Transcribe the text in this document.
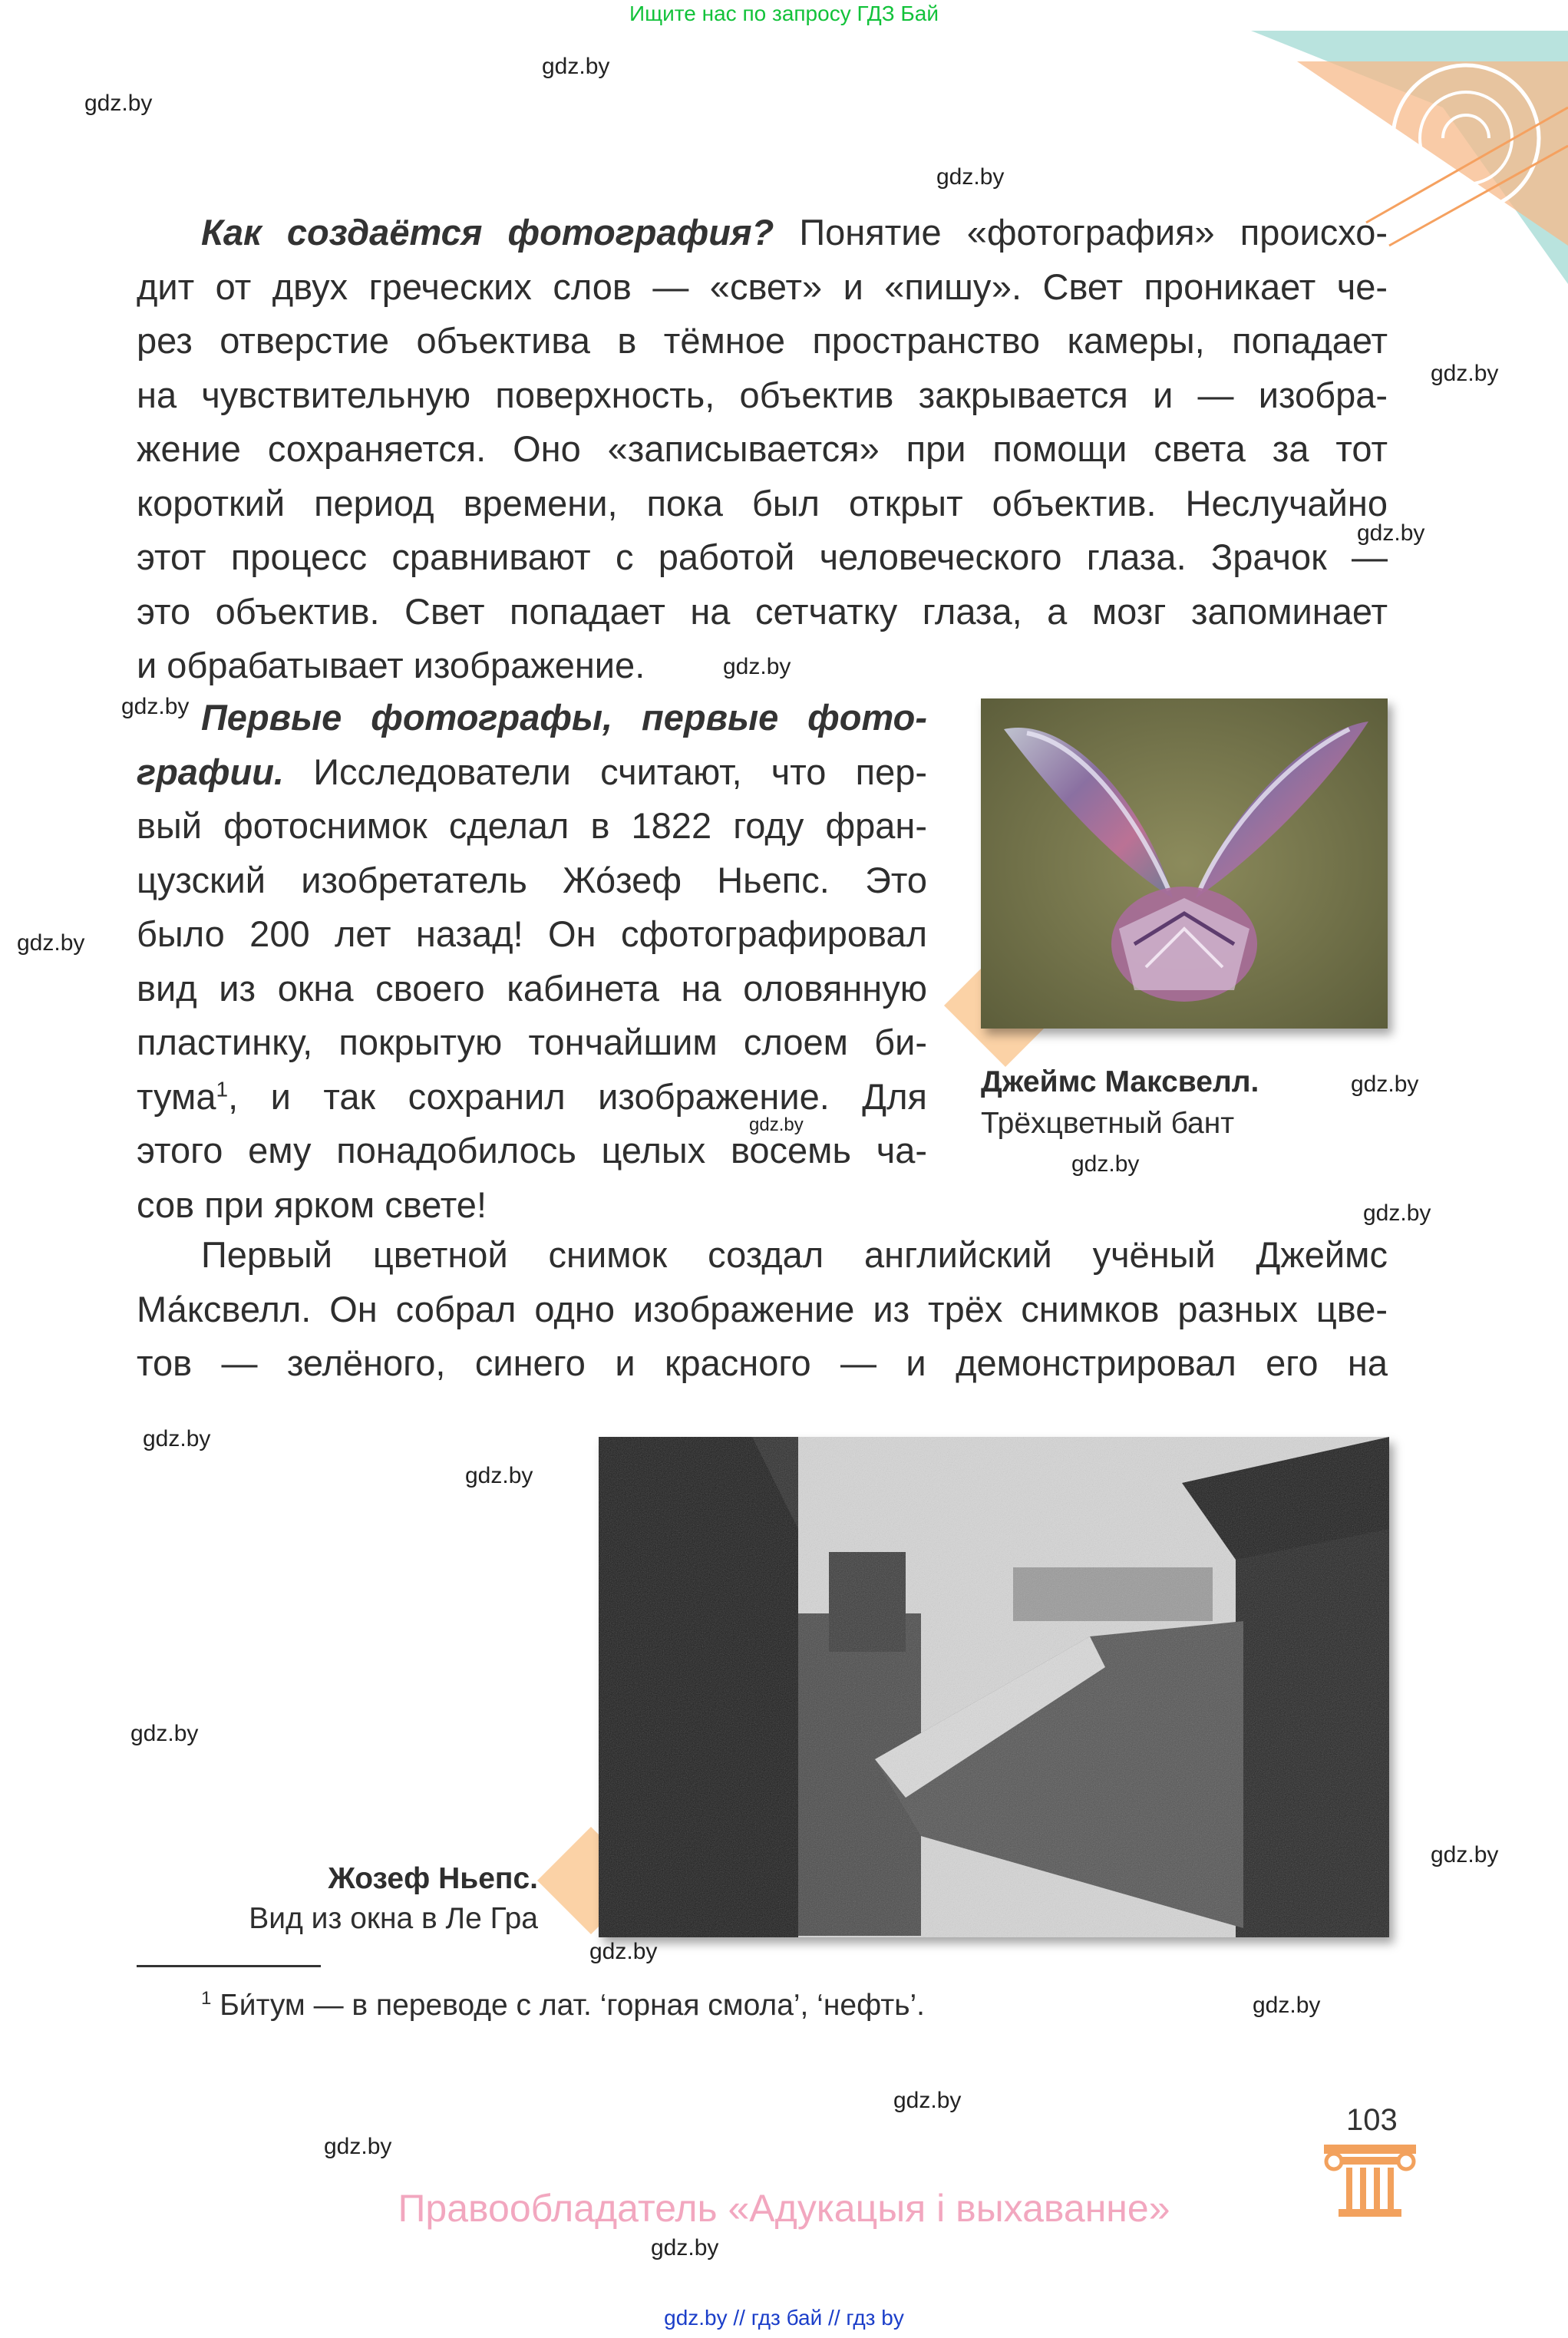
Ищите нас по запросу ГДЗ Бай
gdz.by
gdz.by
gdz.by
gdz.by
gdz.by
gdz.by
gdz.by
gdz.by
gdz.by
gdz.by
gdz.by
gdz.by
gdz.by
gdz.by
gdz.by
gdz.by
gdz.by
gdz.by
gdz.by
gdz.by
gdz.by
Как создаётся фотография? Понятие «фотография» происхо-
дит от двух греческих слов — «свет» и «пишу». Свет проникает че-
рез отверстие объектива в тёмное пространство камеры, попадает
на чувствительную поверхность, объектив закрывается и — изобра-
жение сохраняется. Оно «записывается» при помощи света за тот
короткий период времени, пока был открыт объектив. Неслучайно
этот процесс сравнивают с работой человеческого глаза. Зрачок —
это объектив. Свет попадает на сетчатку глаза, а мозг запоминает
и обрабатывает изображение.
Первые фотографы, первые фото-
графии. Исследователи считают, что пер-
вый фотоснимок сделал в 1822 году фран-
цузский изобретатель Жо́зеф Ньепс. Это
было 200 лет назад! Он сфотографировал
вид из окна своего кабинета на оловянную
пластинку, покрытую тончайшим слоем би-
тума$^1$, и так сохранил изображение. Для
этого ему понадобилось целых восемь ча-
сов при ярком свете!
Джеймс Максвелл.
Трёхцветный бант
Первый цветной снимок создал английский учёный Джеймс
Ма́ксвелл. Он собрал одно изображение из трёх снимков разных цве-
тов — зелёного, синего и красного — и демонстрировал его на
Жозеф Ньепс.
Вид из окна в Ле Гра
$^1$ Би́тум — в переводе с лат. ‘горная смола’, ‘нефть’.
103
Правообладатель «Адукацыя і выхаванне»
gdz.by // гдз бай // гдз by
